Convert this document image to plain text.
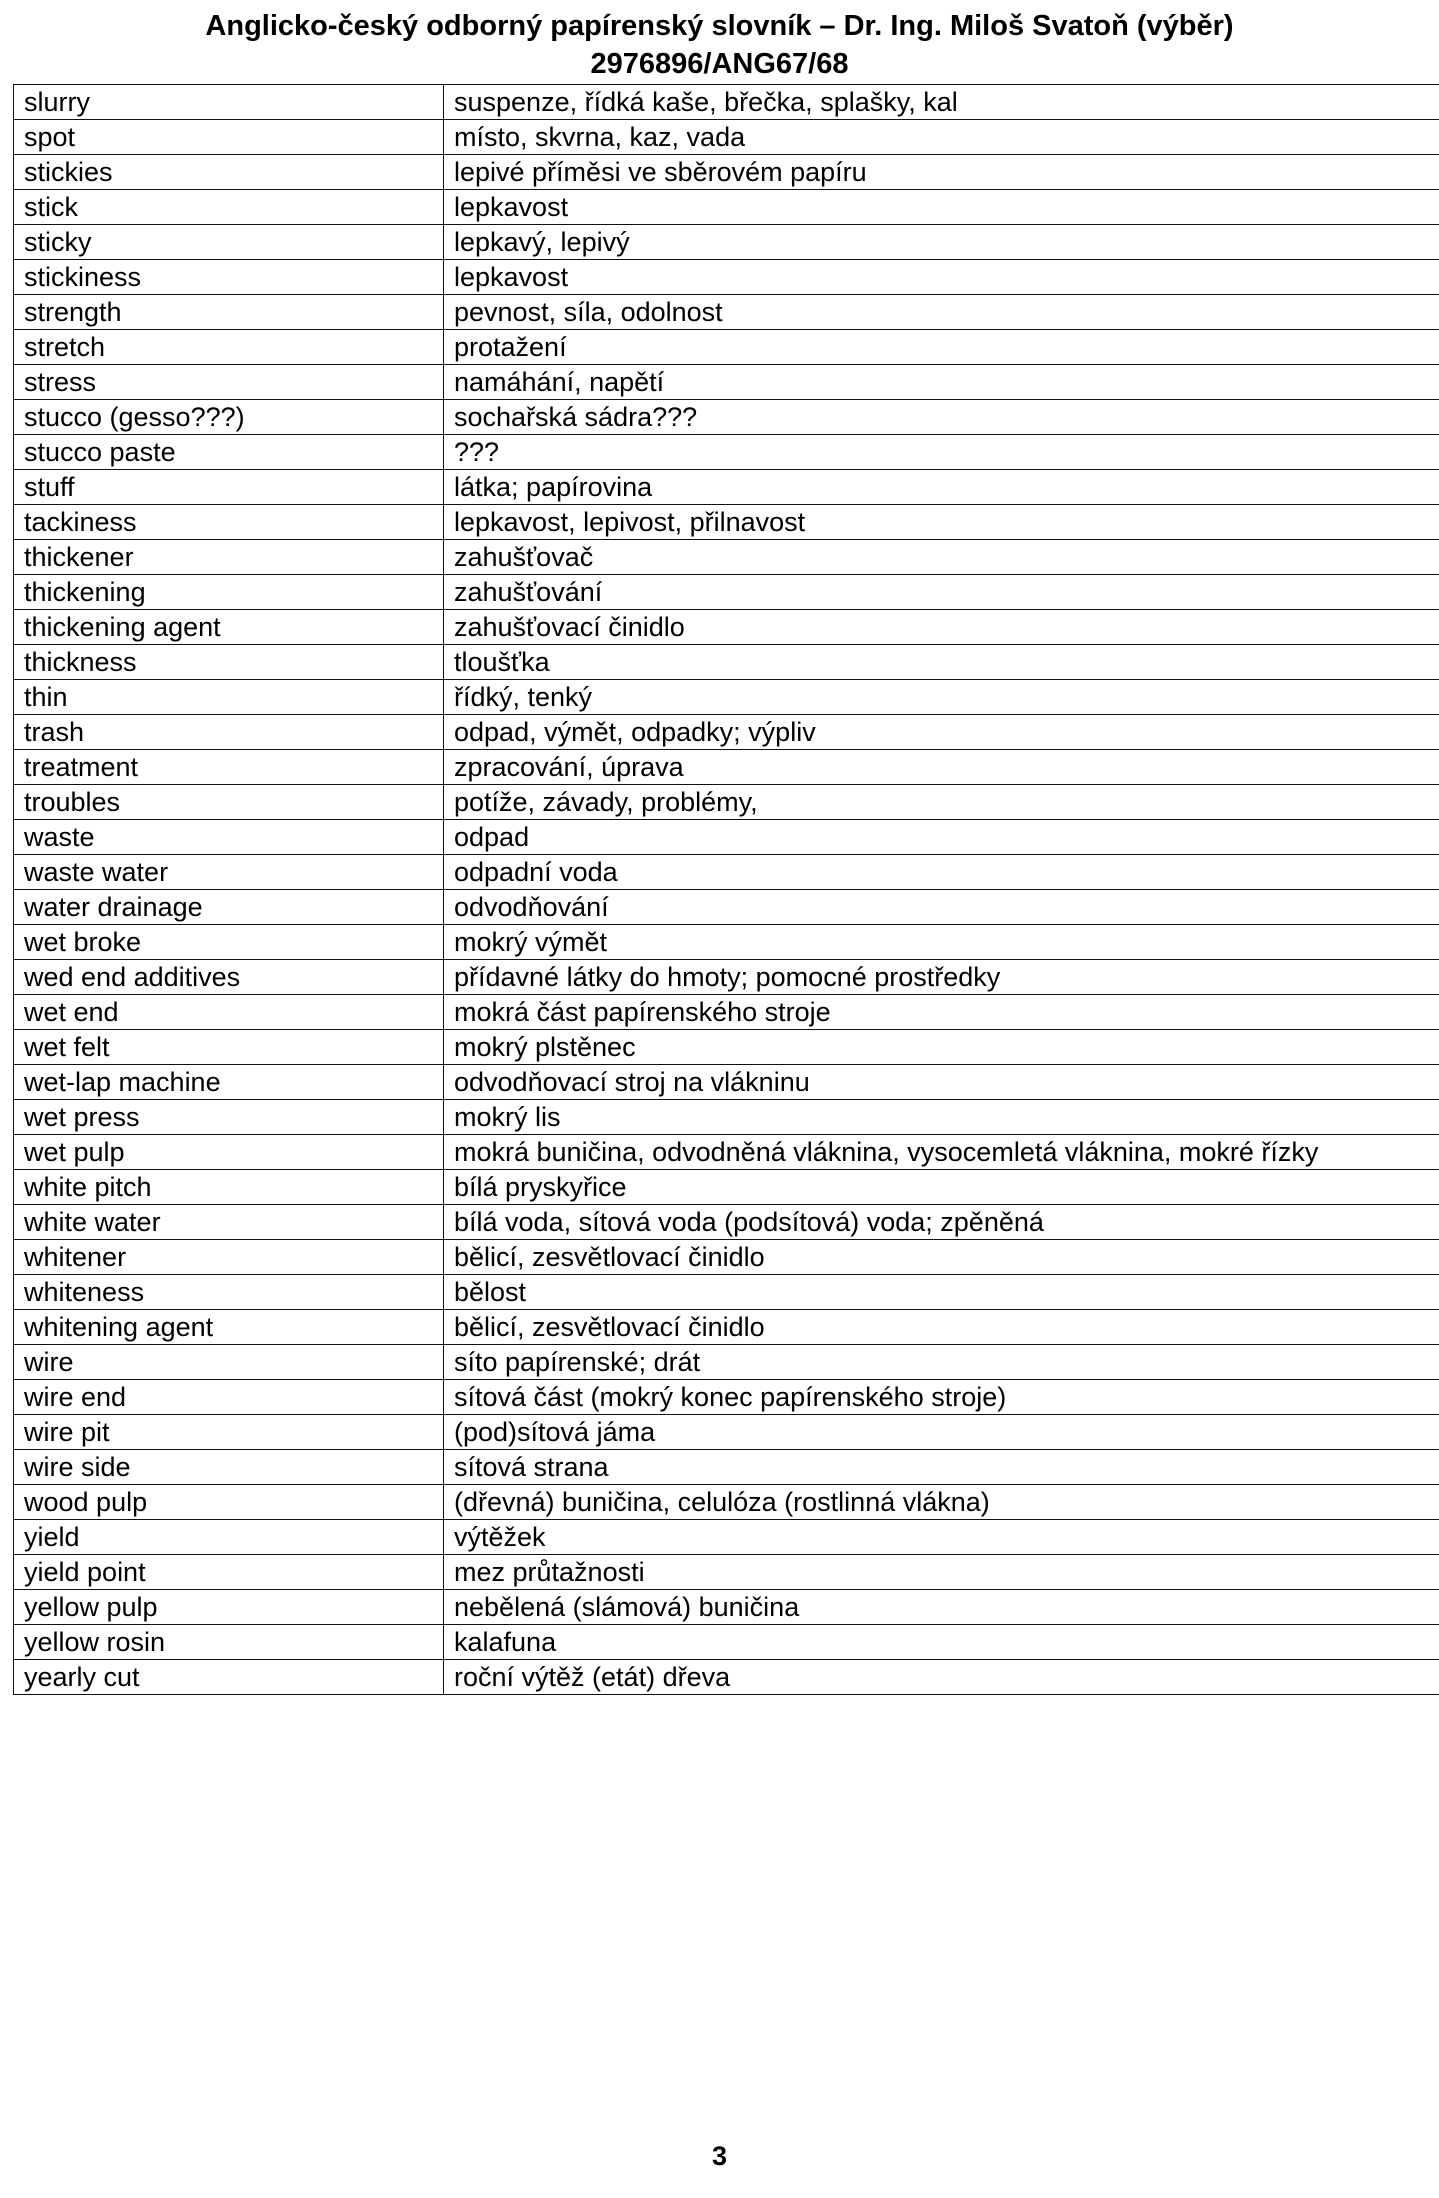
Anglicko-český odborný papírenský slovník – Dr. Ing. Miloš Svatoň (výběr)
2976896/ANG67/68
slurry	suspenze, řídká kaše, břečka, splašky, kal
spot	místo, skvrna, kaz, vada
stickies	lepivé příměsi ve sběrovém papíru
stick	lepkavost
sticky	lepkavý, lepivý
stickiness	lepkavost
strength	pevnost, síla, odolnost
stretch	protažení
stress	namáhání, napětí
stucco (gesso???)	sochařská sádra???
stucco paste	???
stuff	látka; papírovina
tackiness	lepkavost, lepivost, přilnavost
thickener	zahušťovač
thickening	zahušťování
thickening agent	zahušťovací činidlo
thickness	tloušťka
thin	řídký, tenký
trash	odpad, výmět, odpadky; výpliv
treatment	zpracování, úprava
troubles	potíže, závady, problémy,
waste	odpad
waste water	odpadní voda
water drainage	odvodňování
wet broke	mokrý výmět
wed end additives	přídavné látky do hmoty; pomocné prostředky
wet end	mokrá část papírenského stroje
wet felt	mokrý plstěnec
wet-lap machine	odvodňovací stroj na vlákninu
wet press	mokrý lis
wet pulp	mokrá buničina, odvodněná vláknina, vysocemletá vláknina, mokré řízky
white pitch	bílá pryskyřice
white water	bílá voda, sítová voda (podsítová) voda; zpěněná
whitener	bělicí, zesvětlovací činidlo
whiteness	bělost
whitening agent	bělicí, zesvětlovací činidlo
wire	síto papírenské; drát
wire end	sítová část (mokrý konec papírenského stroje)
wire pit	(pod)sítová jáma
wire side	sítová strana
wood pulp	(dřevná) buničina, celulóza (rostlinná vlákna)
yield	výtěžek
yield point	mez průtažnosti
yellow pulp	nebělená (slámová) buničina
yellow rosin	kalafuna
yearly cut	roční výtěž (etát) dřeva
3
